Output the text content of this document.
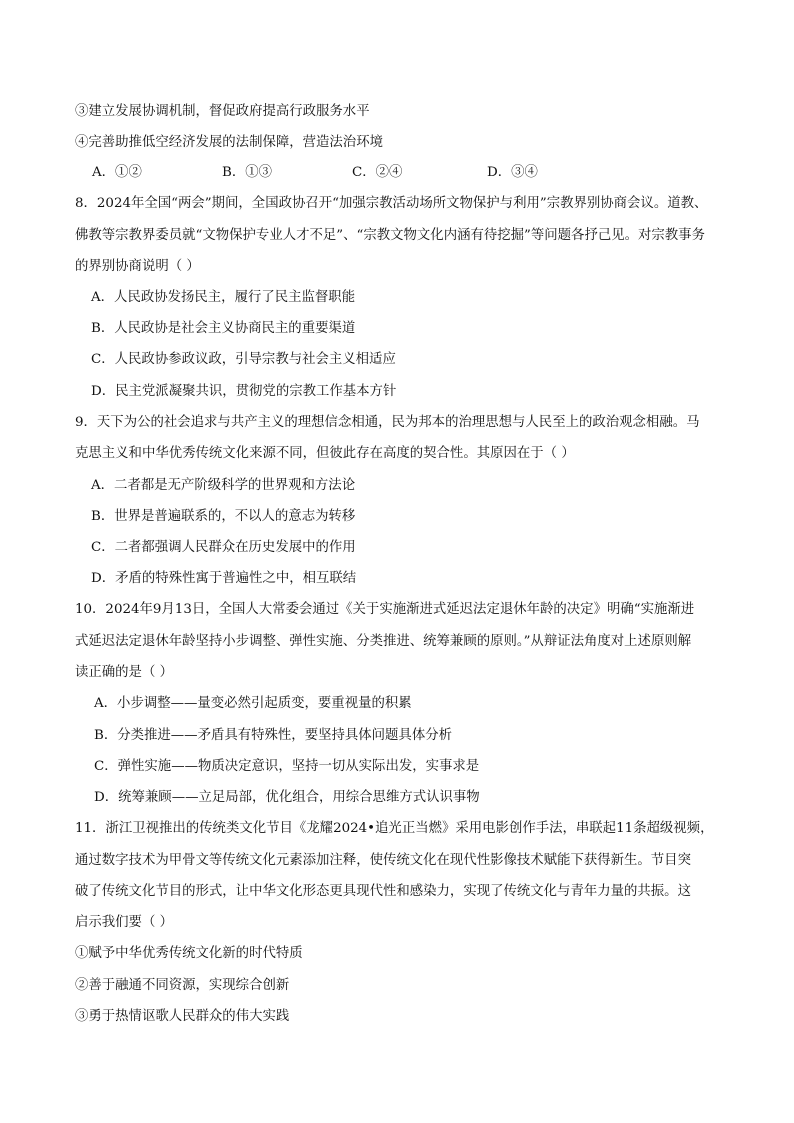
③建立发展协调机制，督促政府提高行政服务水平
④完善助推低空经济发展的法制保障，营造法治环境
A．①②	B．①③	C．②④	D．③④
8．2024年全国“两会”期间，全国政协召开“加强宗教活动场所文物保护与利用”宗教界别协商会议。道教、
佛教等宗教界委员就“文物保护专业人才不足”、“宗教文物文化内涵有待挖掘”等问题各抒己见。对宗教事务
的界别协商说明（ ）
A．人民政协发扬民主，履行了民主监督职能
B．人民政协是社会主义协商民主的重要渠道
C．人民政协参政议政，引导宗教与社会主义相适应
D．民主党派凝聚共识，贯彻党的宗教工作基本方针
9．天下为公的社会追求与共产主义的理想信念相通，民为邦本的治理思想与人民至上的政治观念相融。马
克思主义和中华优秀传统文化来源不同，但彼此存在高度的契合性。其原因在于（ ）
A．二者都是无产阶级科学的世界观和方法论
B．世界是普遍联系的，不以人的意志为转移
C．二者都强调人民群众在历史发展中的作用
D．矛盾的特殊性寓于普遍性之中，相互联结
10．2024年9月13日，全国人大常委会通过《关于实施渐进式延迟法定退休年龄的决定》明确“实施渐进
式延迟法定退休年龄坚持小步调整、弹性实施、分类推进、统筹兼顾的原则。”从辩证法角度对上述原则解
读正确的是（ ）
A．小步调整——量变必然引起质变，要重视量的积累
B．分类推进——矛盾具有特殊性，要坚持具体问题具体分析
C．弹性实施——物质决定意识，坚持一切从实际出发，实事求是
D．统筹兼顾——立足局部，优化组合，用综合思维方式认识事物
11．浙江卫视推出的传统类文化节目《龙耀2024•追光正当燃》采用电影创作手法，串联起11条超级视频，
通过数字技术为甲骨文等传统文化元素添加注释，使传统文化在现代性影像技术赋能下获得新生。节目突
破了传统文化节目的形式，让中华文化形态更具现代性和感染力，实现了传统文化与青年力量的共振。这
启示我们要（ ）
①赋予中华优秀传统文化新的时代特质
②善于融通不同资源，实现综合创新
③勇于热情讴歌人民群众的伟大实践
